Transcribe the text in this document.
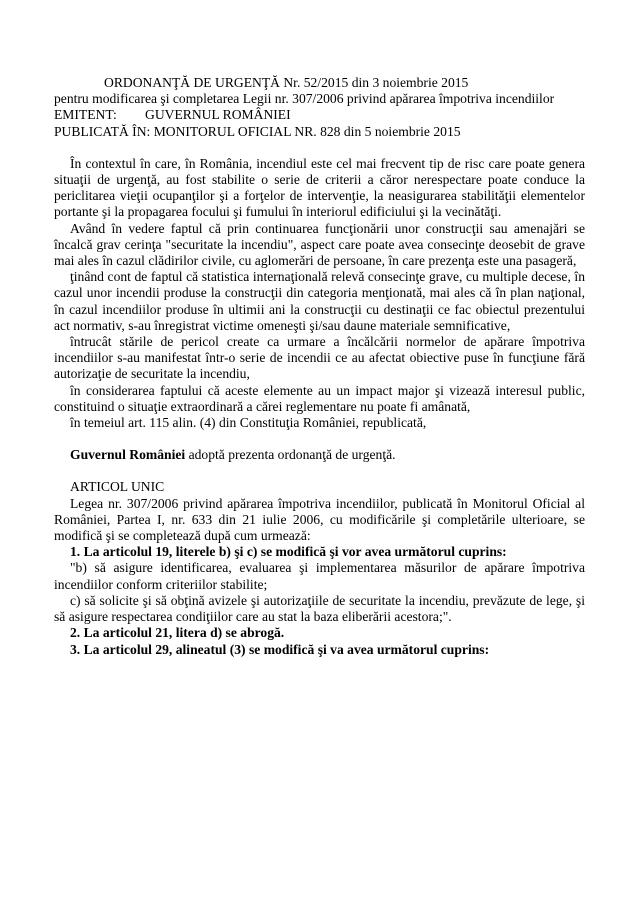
ORDONANŢĂ DE URGENŢĂ Nr. 52/2015 din 3 noiembrie 2015

pentru modificarea şi completarea Legii nr. 307/2006 privind apărarea împotriva incendiilor

EMITENT: GUVERNUL ROMÂNIEI
PUBLICATĂ ÎN: MONITORUL OFICIAL NR. 828 din 5 noiembrie 2015

În contextul în care, în România, incendiul este cel mai frecvent tip de risc care poate genera situaţii de urgenţă, au fost stabilite o serie de criterii a căror nerespectare poate conduce la periclitarea vieţii ocupanţilor şi a forţelor de intervenţie, la neasigurarea stabilităţii elementelor portante şi la propagarea focului şi fumului în interiorul edificiului şi la vecinătăţi.

Având în vedere faptul că prin continuarea funcţionării unor construcţii sau amenajări se încalcă grav cerinţa "securitate la incendiu", aspect care poate avea consecinţe deosebit de grave mai ales în cazul clădirilor civile, cu aglomerări de persoane, în care prezenţa este una pasageră,

ţinând cont de faptul că statistica internaţională relevă consecinţe grave, cu multiple decese, în cazul unor incendii produse la construcţii din categoria menţionată, mai ales că în plan naţional, în cazul incendiilor produse în ultimii ani la construcţii cu destinaţii ce fac obiectul prezentului act normativ, s-au înregistrat victime omeneşti şi/sau daune materiale semnificative,

întrucât stările de pericol create ca urmare a încălcării normelor de apărare împotriva incendiilor s-au manifestat într-o serie de incendii ce au afectat obiective puse în funcţiune fără autorizaţie de securitate la incendiu,

în considerarea faptului că aceste elemente au un impact major şi vizează interesul public, constituind o situaţie extraordinară a cărei reglementare nu poate fi amânată,

în temeiul art. 115 alin. (4) din Constituţia României, republicată,

Guvernul României adoptă prezenta ordonanţă de urgenţă.

ARTICOL UNIC

Legea nr. 307/2006 privind apărarea împotriva incendiilor, publicată în Monitorul Oficial al României, Partea I, nr. 633 din 21 iulie 2006, cu modificările şi completările ulterioare, se modifică şi se completează după cum urmează:

1. La articolul 19, literele b) şi c) se modifică şi vor avea următorul cuprins:

"b) să asigure identificarea, evaluarea şi implementarea măsurilor de apărare împotriva incendiilor conform criteriilor stabilite;

c) să solicite şi să obţină avizele şi autorizaţiile de securitate la incendiu, prevăzute de lege, şi să asigure respectarea condiţiilor care au stat la baza eliberării acestora;".

2. La articolul 21, litera d) se abrogă.

3. La articolul 29, alineatul (3) se modifică şi va avea următorul cuprins:
